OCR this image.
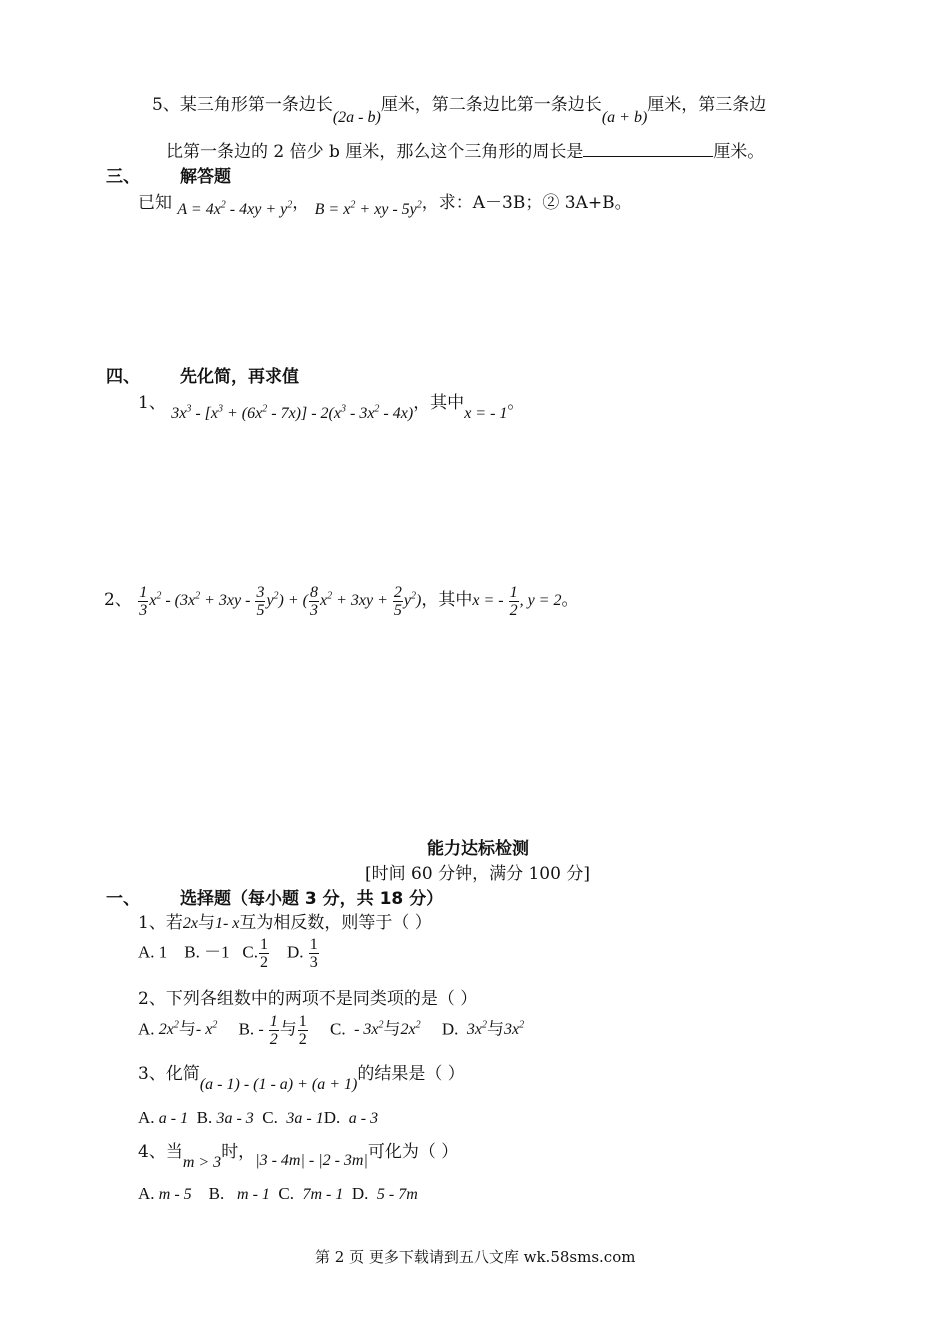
5、某三角形第一条边长(2a - b)厘米，第二条边比第一条边长(a + b)厘米，第三条边
比第一条边的 2 倍少 b 厘米，那么这个三角形的周长是	厘米。
三、 解答题
已知 $A = 4x^2 - 4xy + y^2$， $B = x^2$ + xy - $5y^2$，求：A－3B；② 3A+B。
四、 先化简，再求值
1、 $3x^3 - [x^3 + (6x^2 - 7x)] - 2(x^3 - 3x^2 - 4x)$，其中x = - 1。
2、 $\frac{1}{3} x^2 - (3x^2 + 3xy - \frac{3}{5} y^2)$ + ( $\frac{8}{3} x^2 + 3xy + \frac{2}{5} y^2$)，其中x = - $\frac{1}{2}$ , y = 2。
能力达标检测
[时间 60 分钟，满分 100 分]
一、 选择题（每小题 3 分，共 18 分）
1、若2x与1- x互为相反数，则等于（ ）
A. 1 B. －1 C. $\frac{1}{2} D$. $\frac{1}{3}$
2、下列各组数中的两项不是同类项的是（ ）
A. $2x^2$与- $x^2$ B. - $\frac{1}{2}$ 与 $\frac{1}{2} C$. - $3x^2$与$2x^2$ D. $3x^2$与$3x^2$
3、化简(a - 1) - (1 - a) + (a + 1)的结果是（ ）
A. a - 1 B. 3a - 3 C. 3a - 1D. a - 3
4、当m > 3时，|3 - 4m| - |2 - 3m|可化为（ ）
A. m - 5 B. m - 1 C. 7m - 1 D. 5 - 7m
第 2 页 更多下载请到五八文库 wk.58sms.com
